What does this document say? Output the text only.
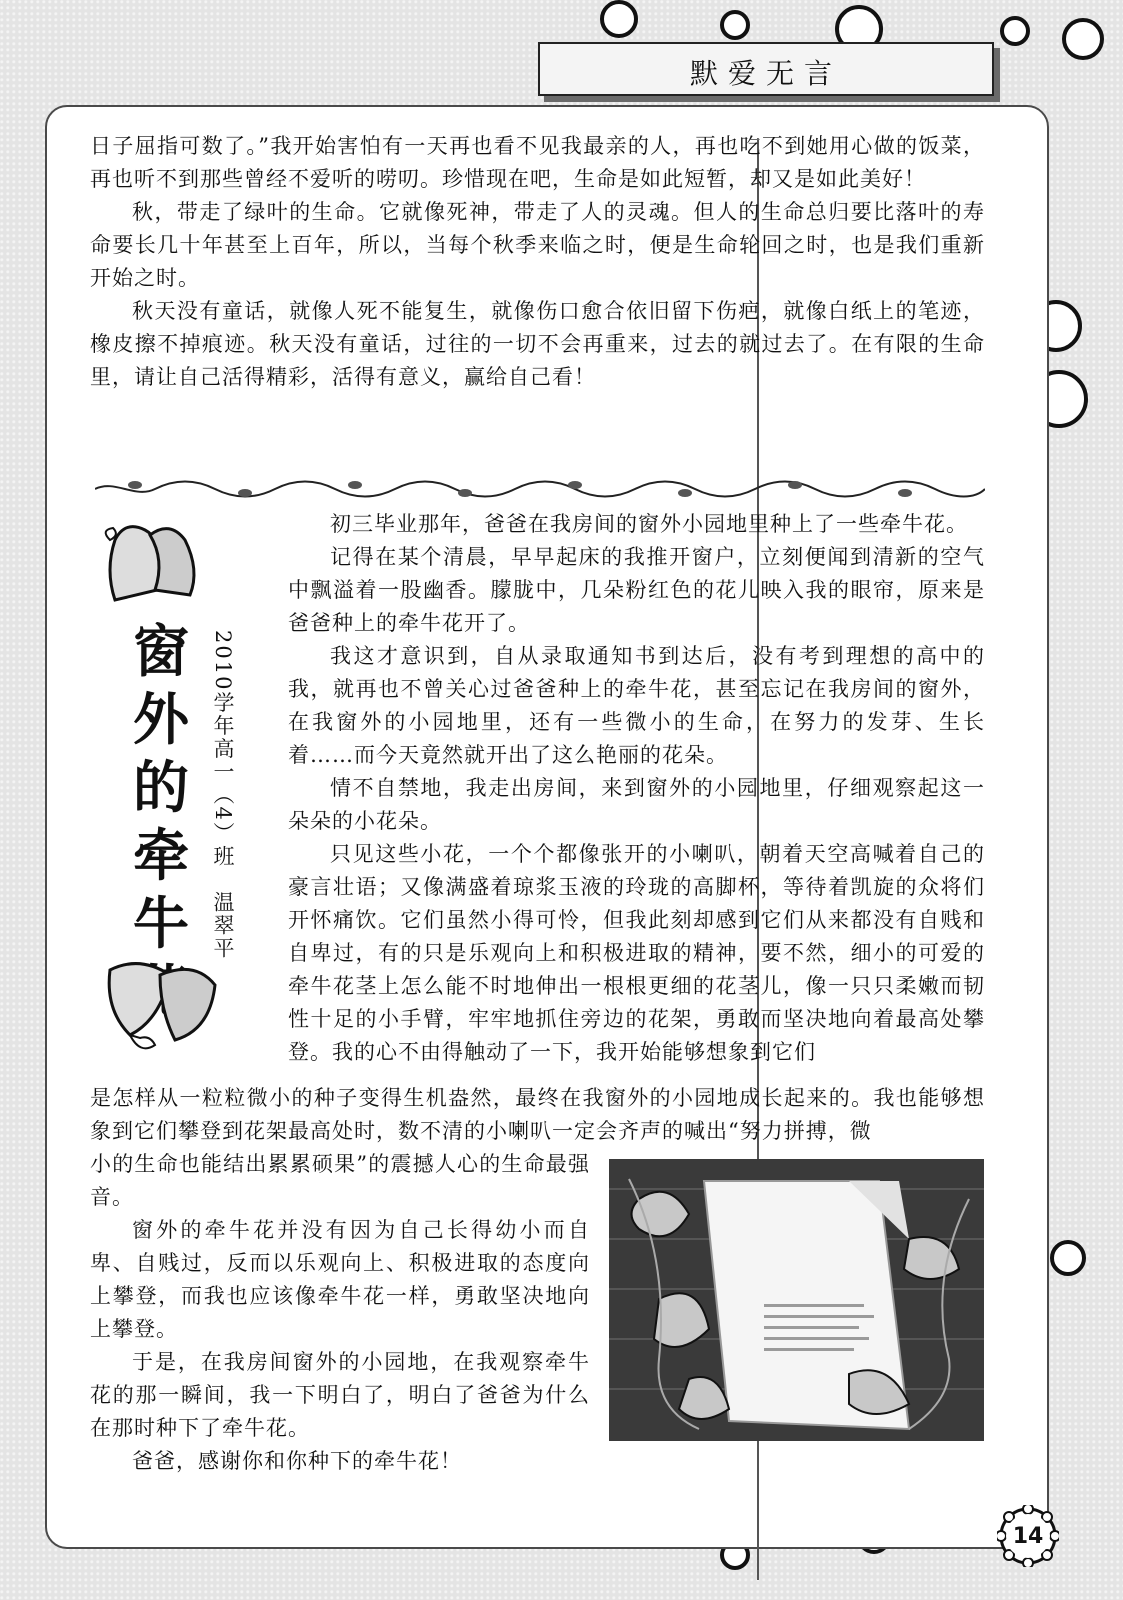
默爱无言

日子屈指可数了。”我开始害怕有一天再也看不见我最亲的人，再也吃不到她用心做的饭菜，再也听不到那些曾经不爱听的唠叨。珍惜现在吧，生命是如此短暂，却又是如此美好！

秋，带走了绿叶的生命。它就像死神，带走了人的灵魂。但人的生命总归要比落叶的寿命要长几十年甚至上百年，所以，当每个秋季来临之时，便是生命轮回之时，也是我们重新开始之时。

秋天没有童话，就像人死不能复生，就像伤口愈合依旧留下伤疤，就像白纸上的笔迹，橡皮擦不掉痕迹。秋天没有童话，过往的一切不会再重来，过去的就过去了。在有限的生命里，请让自己活得精彩，活得有意义，赢给自己看！

窗
外
的
牵
牛	2010学年高一（4）班　温翠平

初三毕业那年，爸爸在我房间的窗外小园地里种上了一些牵牛花。

记得在某个清晨，早早起床的我推开窗户，立刻便闻到清新的空气中飘溢着一股幽香。朦胧中，几朵粉红色的花儿映入我的眼帘，原来是爸爸种上的牵牛花开了。

我这才意识到，自从录取通知书到达后，没有考到理想的高中的我，就再也不曾关心过爸爸种上的牵牛花，甚至忘记在我房间的窗外，在我窗外的小园地里，还有一些微小的生命，在努力的发芽、生长着……而今天竟然就开出了这么艳丽的花朵。

情不自禁地，我走出房间，来到窗外的小园地里，仔细观察起这一朵朵的小花朵。

只见这些小花，一个个都像张开的小喇叭，朝着天空高喊着自己的豪言壮语；又像满盛着琼浆玉液的玲珑的高脚杯，等待着凯旋的众将们开怀痛饮。它们虽然小得可怜，但我此刻却感到它们从来都没有自贱和自卑过，有的只是乐观向上和积极进取的精神，要不然，细小的可爱的牵牛花茎上怎么能不时地伸出一根根更细的花茎儿，像一只只柔嫩而韧性十足的小手臂，牢牢地抓住旁边的花架，勇敢而坚决地向着最高处攀登。我的心不由得触动了一下，我开始能够想象到它们

是怎样从一粒粒微小的种子变得生机盎然，最终在我窗外的小园地成长起来的。我也能够想象到它们攀登到花架最高处时，数不清的小喇叭一定会齐声的喊出“努力拼搏，微

小的生命也能结出累累硕果”的震撼人心的生命最强音。

窗外的牵牛花并没有因为自己长得幼小而自卑、自贱过，反而以乐观向上、积极进取的态度向上攀登，而我也应该像牵牛花一样，勇敢坚决地向上攀登。

于是，在我房间窗外的小园地，在我观察牵牛花的那一瞬间，我一下明白了，明白了爸爸为什么在那时种下了牵牛花。

爸爸，感谢你和你种下的牵牛花！

14
